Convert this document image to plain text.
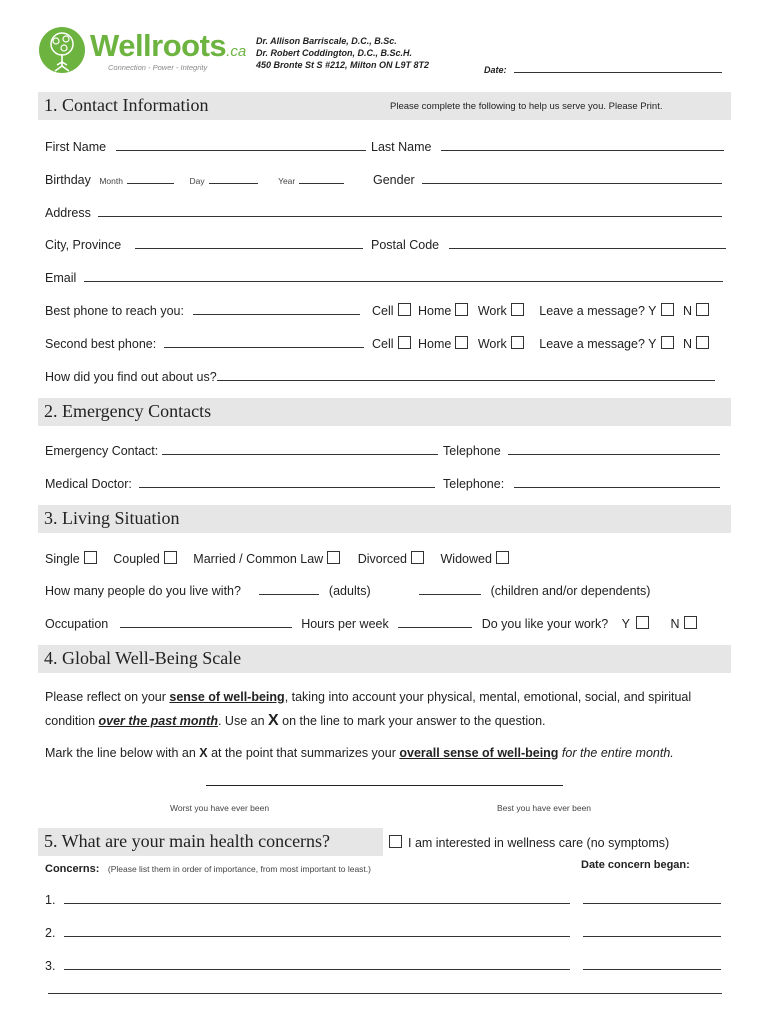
Wellroots.ca
Connection - Power - Integrity
Dr. Allison Barriscale, D.C., B.Sc.
Dr. Robert Coddington, D.C., B.Sc.H.
450 Bronte St S #212, Milton ON L9T 8T2	Date:
1. Contact Information	Please complete the following to help us serve you. Please Print.
First Name	Last Name
Birthday Month	Day	Year	Gender
Address
City, Province	Postal Code
Email
Best phone to reach you:	Cell Home Work	Leave a message? Y N
Second best phone:	Cell Home Work	Leave a message? Y N
How did you find out about us?
2. Emergency Contacts
Emergency Contact:	Telephone
Medical Doctor:	Telephone:
3. Living Situation
Single	Coupled	Married / Common Law	Divorced	Widowed
How many people do you live with?	(adults)	(children and/or dependents)
Occupation	Hours per week	Do you like your work? Y	N
4. Global Well-Being Scale
Please reflect on your sense of well-being, taking into account your physical, mental, emotional, social, and spiritual
condition over the past month. Use an X on the line to mark your answer to the question.
Mark the line below with an X at the point that summarizes your overall sense of well-being for the entire month.
Worst you have ever been	Best you have ever been
5. What are your main health concerns?	I am interested in wellness care (no symptoms)
Concerns: (Please list them in order of importance, from most important to least.)	Date concern began:
1.
2.
3.
